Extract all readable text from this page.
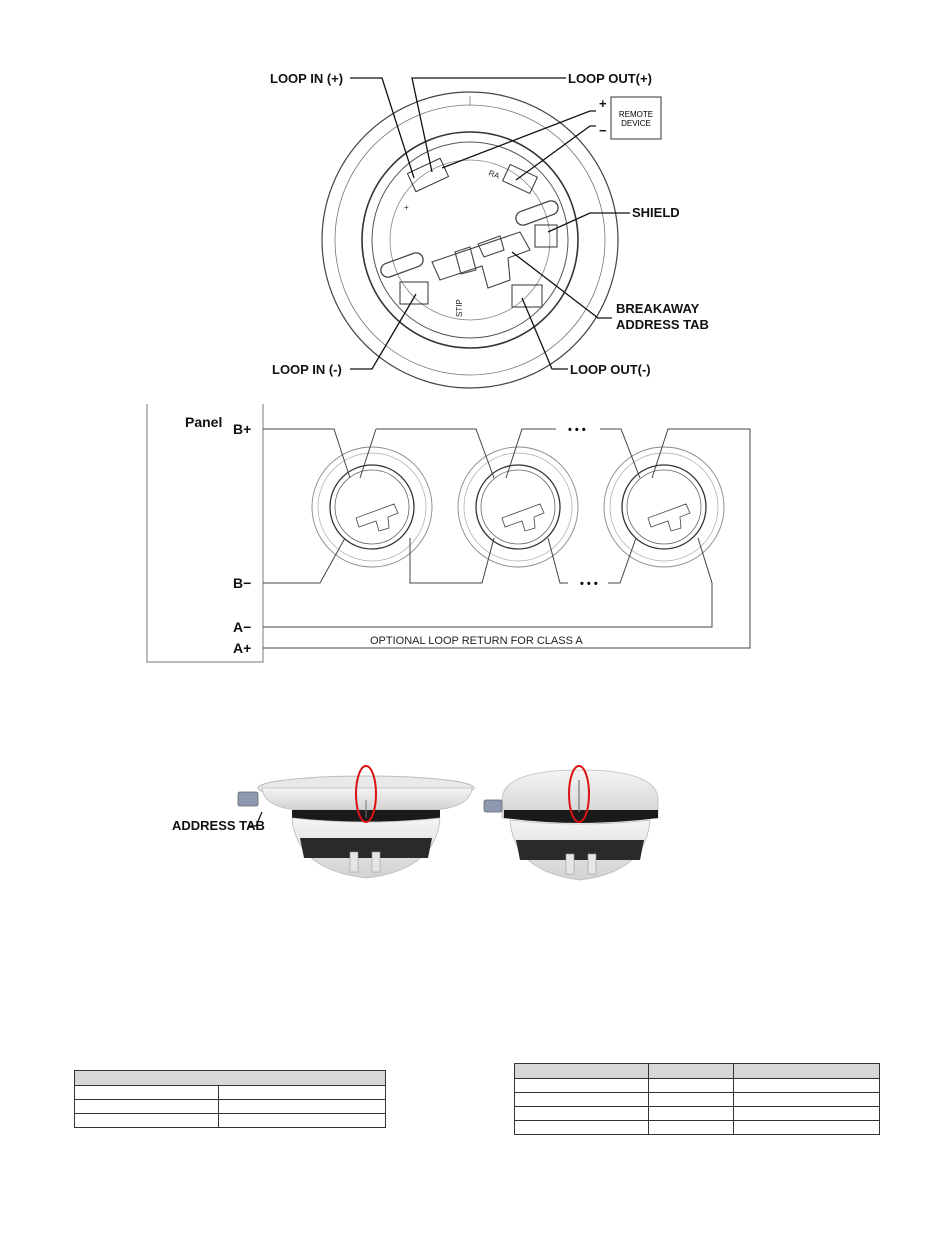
RA
STIP
+
REMOTE
DEVICE
+
−
LOOP IN (+)	LOOP OUT(+)
SHIELD
BREAKAWAY
ADDRESS TAB
LOOP IN (-)	LOOP OUT(-)
Panel B+
B−
A−
A+
• • •
• • •
OPTIONAL LOOP RETURN FOR CLASS A
ADDRESS TAB
